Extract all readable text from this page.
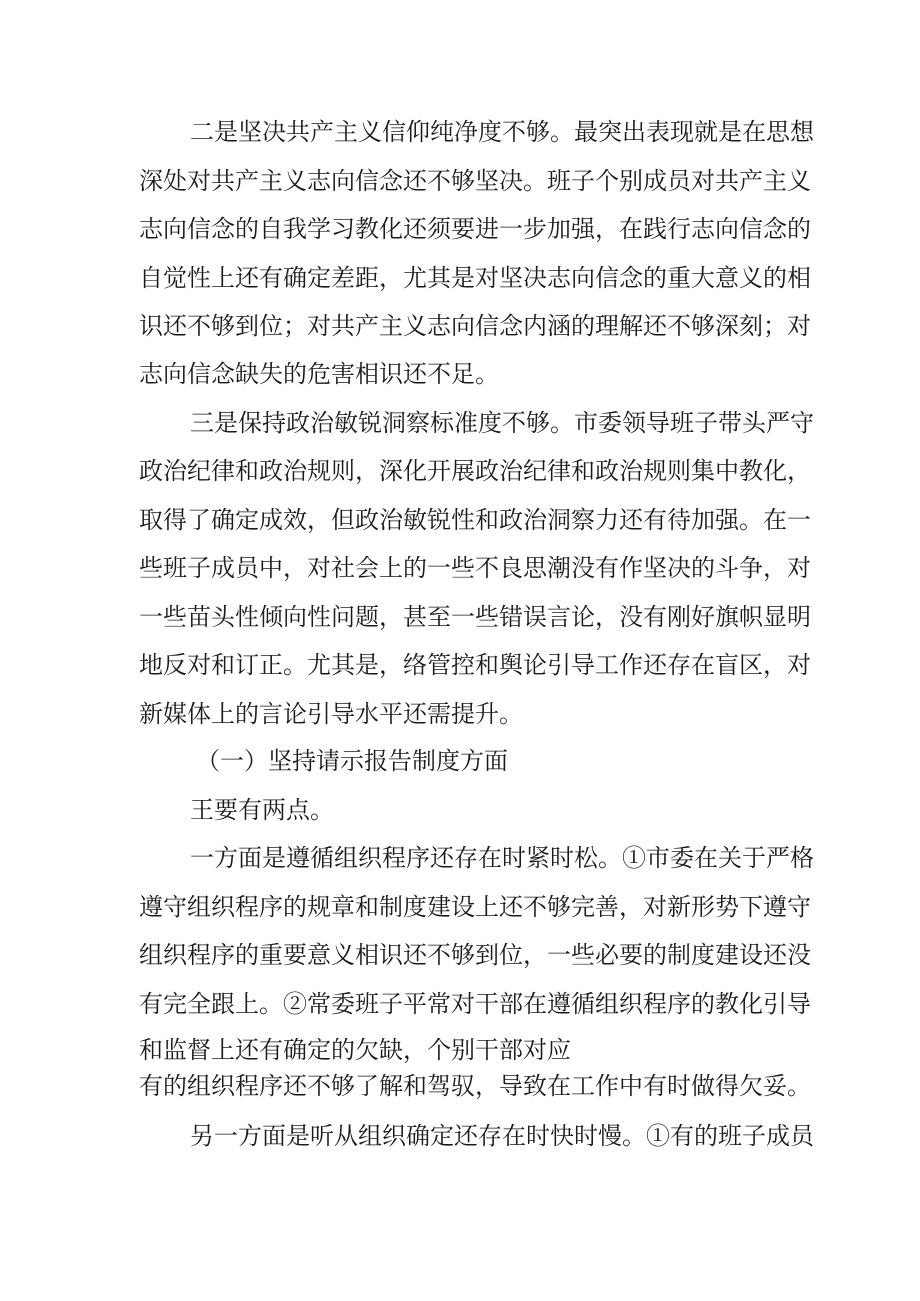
二是坚决共产主义信仰纯净度不够。最突出表现就是在思想
深处对共产主义志向信念还不够坚决。班子个别成员对共产主义
志向信念的自我学习教化还须要进一步加强，在践行志向信念的
自觉性上还有确定差距，尤其是对坚决志向信念的重大意义的相
识还不够到位；对共产主义志向信念内涵的理解还不够深刻；对
志向信念缺失的危害相识还不足。
三是保持政治敏锐洞察标准度不够。市委领导班子带头严守
政治纪律和政治规则，深化开展政治纪律和政治规则集中教化，
取得了确定成效，但政治敏锐性和政治洞察力还有待加强。在一
些班子成员中，对社会上的一些不良思潮没有作坚决的斗争，对
一些苗头性倾向性问题，甚至一些错误言论，没有刚好旗帜显明
地反对和订正。尤其是，络管控和舆论引导工作还存在盲区，对
新媒体上的言论引导水平还需提升。
（一）坚持请示报告制度方面
王要有两点。
一方面是遵循组织程序还存在时紧时松。①市委在关于严格
遵守组织程序的规章和制度建设上还不够完善，对新形势下遵守
组织程序的重要意义相识还不够到位，一些必要的制度建设还没
有完全跟上。②常委班子平常对干部在遵循组织程序的教化引导
和监督上还有确定的欠缺，个别干部对应
有的组织程序还不够了解和驾驭，导致在工作中有时做得欠妥。
另一方面是听从组织确定还存在时快时慢。①有的班子成员
